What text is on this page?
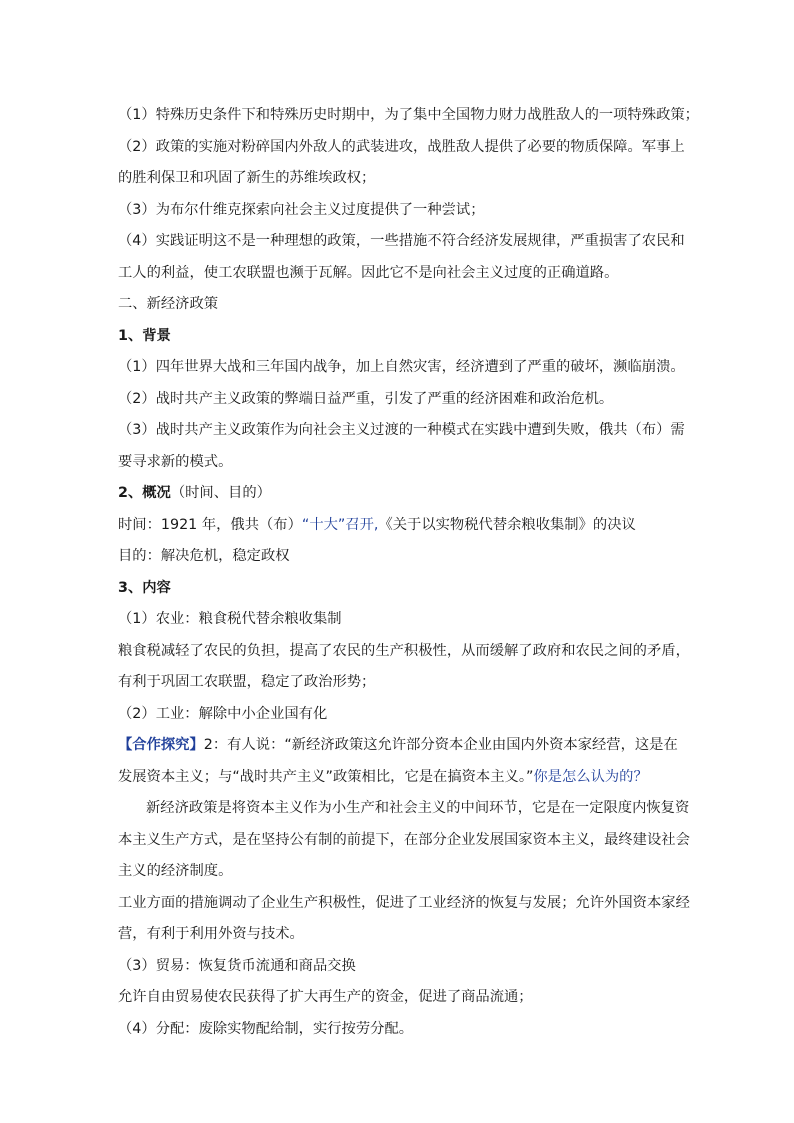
（1）特殊历史条件下和特殊历史时期中，为了集中全国物力财力战胜敌人的一项特殊政策；
（2）政策的实施对粉碎国内外敌人的武装进攻，战胜敌人提供了必要的物质保障。军事上
的胜利保卫和巩固了新生的苏维埃政权；
（3）为布尔什维克探索向社会主义过度提供了一种尝试；
（4）实践证明这不是一种理想的政策，一些措施不符合经济发展规律，严重损害了农民和
工人的利益，使工农联盟也濒于瓦解。因此它不是向社会主义过度的正确道路。
二、新经济政策
1、背景
（1）四年世界大战和三年国内战争，加上自然灾害，经济遭到了严重的破坏，濒临崩溃。
（2）战时共产主义政策的弊端日益严重，引发了严重的经济困难和政治危机。
（3）战时共产主义政策作为向社会主义过渡的一种模式在实践中遭到失败，俄共（布）需
要寻求新的模式。
2、概况（时间、目的）
时间：1921 年，俄共（布）“十大”召开,《关于以实物税代替余粮收集制》的决议
目的：解决危机，稳定政权
3、内容
（1）农业：粮食税代替余粮收集制
粮食税减轻了农民的负担，提高了农民的生产积极性，从而缓解了政府和农民之间的矛盾，
有利于巩固工农联盟，稳定了政治形势；
（2）工业：解除中小企业国有化
【合作探究】2：有人说：“新经济政策这允许部分资本企业由国内外资本家经营，这是在
发展资本主义；与“战时共产主义”政策相比，它是在搞资本主义。”你是怎么认为的？
新经济政策是将资本主义作为小生产和社会主义的中间环节，它是在一定限度内恢复资
本主义生产方式，是在坚持公有制的前提下，在部分企业发展国家资本主义，最终建设社会
主义的经济制度。
工业方面的措施调动了企业生产积极性，促进了工业经济的恢复与发展；允许外国资本家经
营，有利于利用外资与技术。
（3）贸易：恢复货币流通和商品交换
允许自由贸易使农民获得了扩大再生产的资金，促进了商品流通；
（4）分配：废除实物配给制，实行按劳分配。
